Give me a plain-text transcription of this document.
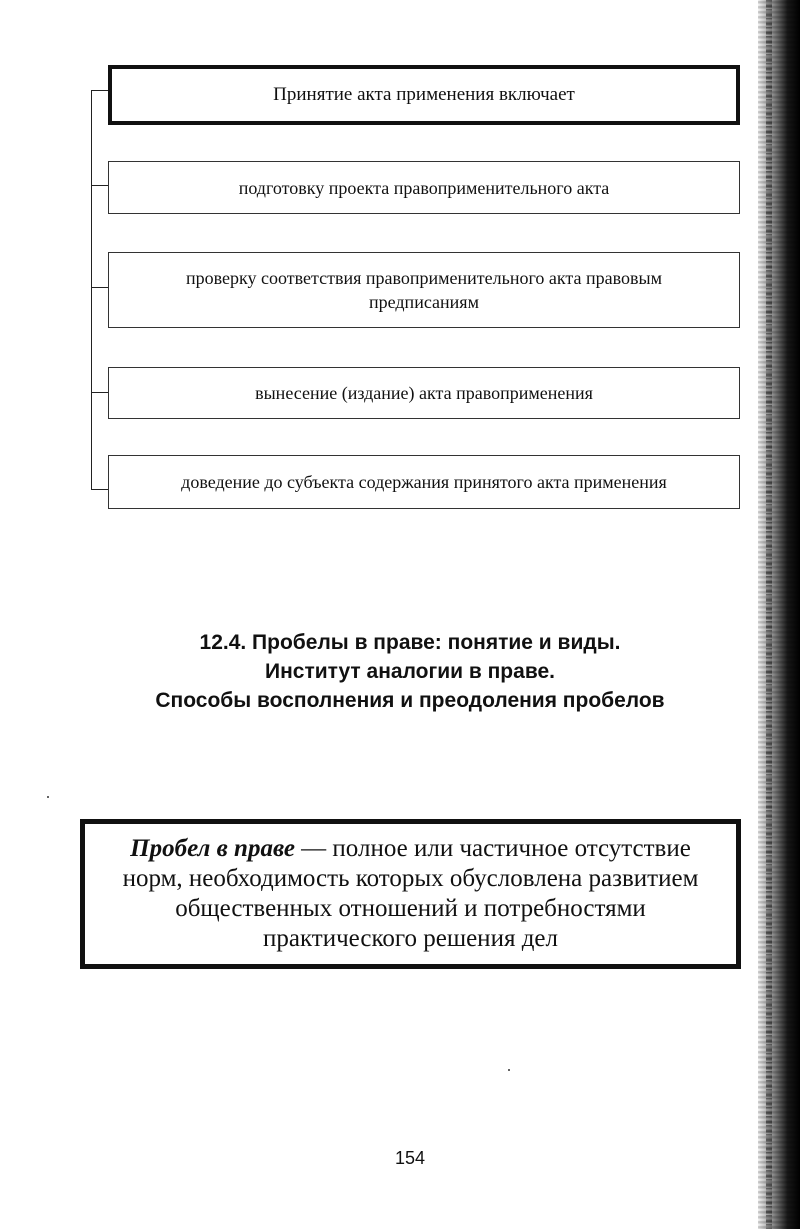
Принятие акта применения включает
подготовку проекта правоприменительного акта
проверку соответствия правоприменительного акта правовым предписаниям
вынесение (издание) акта правоприменения
доведение до субъекта содержания принятого акта применения
12.4. Пробелы в праве: понятие и виды.
Институт аналогии в праве.
Способы восполнения и преодоления пробелов
Пробел в праве — полное или частичное отсутствие норм, необходимость которых обусловлена развитием общественных отношений и потребностями практического решения дел
154
